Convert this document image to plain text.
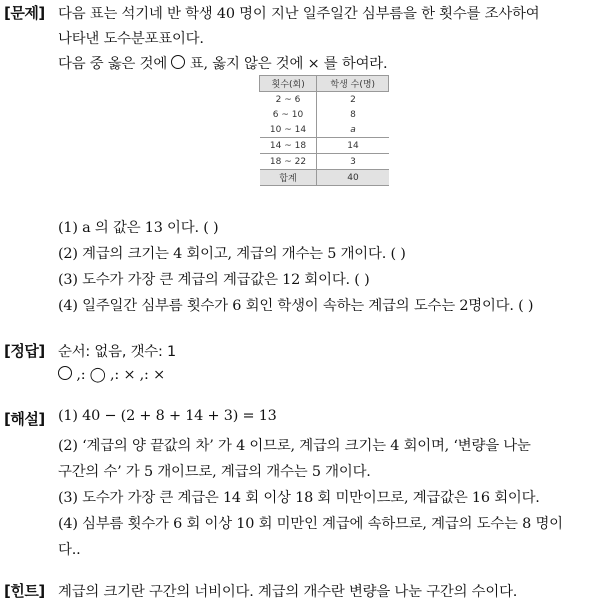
[문제] 다음 표는 석기네 반 학생 40 명이 지난 일주일간 심부름을 한 횟수를 조사하여
나타낸 도수분포표이다.
다음 중 옳은 것에 표, 옳지 않은 것에 × 를 하여라.
횟수(회)	학생 수(명)
2 ~ 6	2
6 ~ 10	8
10 ~ 14	a
14 ~ 18	14
18 ~ 22	3
합계	40
(1) a 의 값은 13 이다. ( )
(2) 계급의 크기는 4 회이고, 계급의 개수는 5 개이다. ( )
(3) 도수가 가장 큰 계급의 계급값은 12 회이다. ( )
(4) 일주일간 심부름 횟수가 6 회인 학생이 속하는 계급의 도수는 2명이다. ( )
[정답] 순서: 없음, 갯수: 1
,: ◯ ,: × ,: ×
[해설] (1) 40 − (2 + 8 + 14 + 3) = 13
(2) ‘계급의 양 끝값의 차’ 가 4 이므로, 계급의 크기는 4 회이며, ‘변량을 나눈
구간의 수’ 가 5 개이므로, 계급의 개수는 5 개이다.
(3) 도수가 가장 큰 계급은 14 회 이상 18 회 미만이므로, 계급값은 16 회이다.
(4) 심부름 횟수가 6 회 이상 10 회 미만인 계급에 속하므로, 계급의 도수는 8 명이
다..
[힌트] 계급의 크기란 구간의 너비이다. 계급의 개수란 변량을 나눈 구간의 수이다.
